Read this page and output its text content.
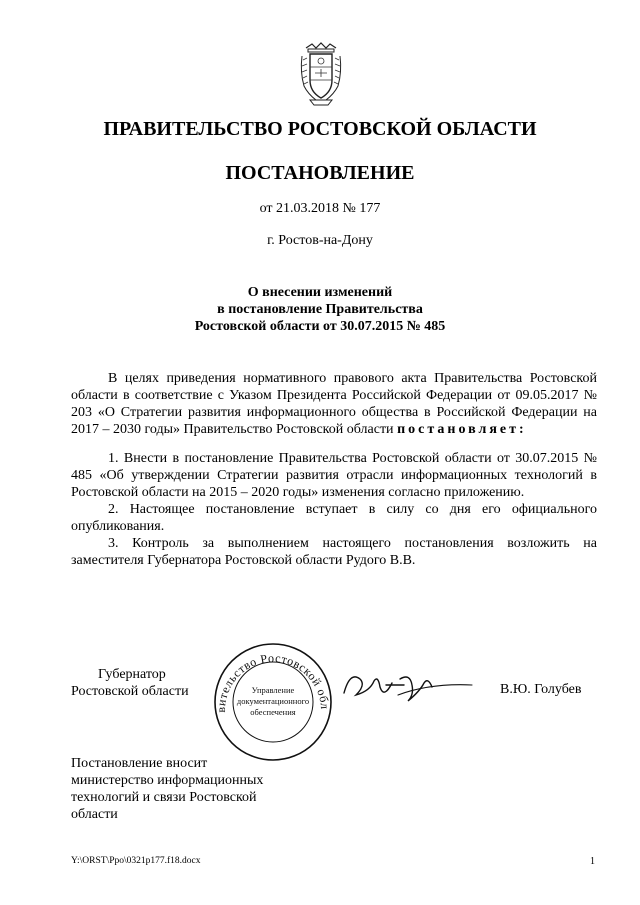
ПРАВИТЕЛЬСТВО РОСТОВСКОЙ ОБЛАСТИ
ПОСТАНОВЛЕНИЕ
от 21.03.2018 № 177
г. Ростов-на-Дону
О внесении изменений
в постановление Правительства
Ростовской области от 30.07.2015 № 485

В целях приведения нормативного правового акта Правительства Ростовской области в соответствие с Указом Президента Российской Федерации от 09.05.2017 № 203 «О Стратегии развития информационного общества в Российской Федерации на 2017 – 2030 годы» Правительство Ростовской области постановляет:

1. Внести в постановление Правительства Ростовской области от 30.07.2015 № 485 «Об утверждении Стратегии развития отрасли информационных технологий в Ростовской области на 2015 – 2020 годы» изменения согласно приложению.

2. Настоящее постановление вступает в силу со дня его официального опубликования.

3. Контроль за выполнением настоящего постановления возложить на заместителя Губернатора Ростовской области Рудого В.В.

Губернатор
Ростовской области
вительство Ростовской обл
Управление
документационного
обеспечения
В.Ю. Голубев
Постановление вносит
министерство информационных
технологий и связи Ростовской
области
Y:\ORST\Ppo\0321p177.f18.docx	1
